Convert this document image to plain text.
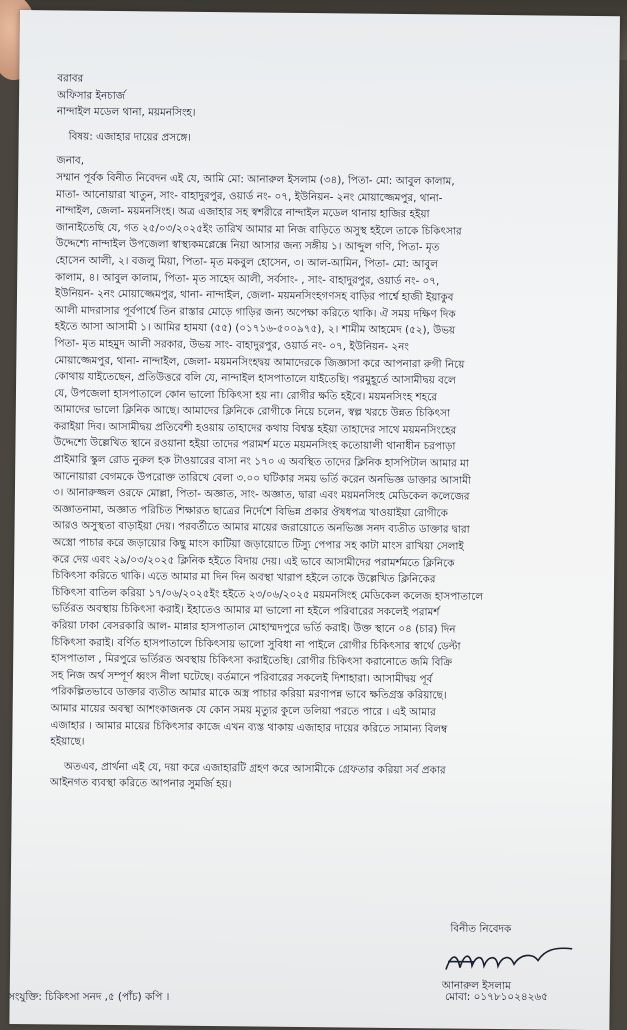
বরাবর
অফিসার ইনচার্জ
নান্দাইল মডেল থানা, ময়মনসিংহ।
বিষয়: এজাহার দায়ের প্রসঙ্গে।
জনাব,
সম্মান পূর্বক বিনীত নিবেদন এই যে, আমি মো: আনারুল ইসলাম (৩৪), পিতা- মো: আবুল কালাম,
মাতা- আনোয়ারা খাতুন, সাং- বাহাদুরপুর, ওয়ার্ড নং- ০৭, ইউনিয়ন- ২নং মোয়াজ্জেমপুর, থানা-
নান্দাইল, জেলা- ময়মনসিংহ। অত্র এজাহার সহ স্বশরীরে নান্দাইল মডেল থানায় হাজির হইয়া
জানাইতেছি যে, গত ২৫/০৩/২০২৫ইং তারিখ আমার মা নিজ বাড়িতে অসুস্থ হইলে তাকে চিকিৎসার
উদ্দেশ্যে নান্দাইল উপজেলা স্বাস্থ্যকমপ্লেক্সে নিয়া আসার জন্য সঙ্গীয় ১। আব্দুল গণি, পিতা- মৃত
হোসেন আলী, ২। বজলু মিয়া, পিতা- মৃত মকবুল হোসেন, ৩। আল-আমিন, পিতা- মো: আবুল
কালাম, ৪। আবুল কালাম, পিতা- মৃত সাহেদ আলী, সর্বসাং- , সাং- বাহাদুরপুর, ওয়ার্ড নং- ০৭,
ইউনিয়ন- ২নং মোয়াজ্জেমপুর, থানা- নান্দাইল, জেলা- ময়মনসিংহগণসহ বাড়ির পার্শ্বে হাজী ইয়াকুব
আলী মাদরাসার পূর্বপার্শ্বে তিন রাস্তার মোড়ে গাড়ির জন্য অপেক্ষা করিতে থাকি। ঐ সময় দক্ষিণ দিক
হইতে আসা আসামী ১। আমির হামযা (৫৫) (০১৭১৬-৫০০৯৭৫), ২। শামীম আহমেদ (৫২), উভয়
পিতা- মৃত মাহমুদ আলী সরকার, উভয় সাং- বাহাদুরপুর, ওয়ার্ড নং- ০৭, ইউনিয়ন- ২নং
মোয়াজ্জেমপুর, থানা- নান্দাইল, জেলা- ময়মনসিংহদ্বয় আমাদেরকে জিজ্ঞাসা করে আপনারা রুগী নিয়ে
কোথায় যাইতেছেন, প্রতিউত্তরে বলি যে, নান্দাইল হাসপাতালে যাইতেছি। পরমুহূর্তে আসামীদ্বয় বলে
যে, উপজেলা হাসপাতালে কোন ভালো চিকিৎসা হয় না। রোগীর ক্ষতি হইবে। ময়মনসিংহ শহরে
আমাদের ভালো ক্লিনিক আছে। আমাদের ক্লিনিকে রোগীকে নিয়ে চলেন, স্বল্প খরচে উন্নত চিকিৎসা
করাইয়া দিব। আসামীদ্বয় প্রতিবেশী হওয়ায় তাহাদের কথায় বিশ্বস্ত হইয়া তাহাদের সাথে ময়মনসিংহের
উদ্দেশ্যে উল্লেখিত স্থানে রওয়ানা হইয়া তাদের পরামর্শ মতে ময়মনসিংহ কতোয়ালী থানাধীন চরপাড়া
প্রাইমারি স্কুল রোড নুরুল হক টাওয়ারের বাসা নং ১৭০ এ অবস্থিত তাদের ক্লিনিক হাসপিটাল আমার মা
আনোয়ারা বেগমকে উপরোক্ত তারিখে বেলা ৩.০০ ঘটিকার সময় ভর্তি করেন অনভিজ্ঞ ডাক্তার আসামী
৩। আনারুজ্জল ওরফে মোল্লা, পিতা- অজ্ঞাত, সাং- অজ্ঞাত, দ্বারা এবং ময়মনসিংহ মেডিকেল কলেজের
অজ্ঞাতনামা, অজ্ঞাত পরিচিত শিক্ষারত ছাত্রের নির্দেশে বিভিন্ন প্রকার ঔষধপত্র খাওয়াইয়া রোগীকে
আরও অসুস্থতা বাড়াইয়া দেয়। পরবর্তীতে আমার মায়ের জরায়োতে অনভিজ্ঞ সনদ ব্যতীত ডাক্তার দ্বারা
অস্ত্রো পাচার করে জড়ায়োর কিছু মাংস কাটিয়া জড়ায়োতে টিস্যু পেপার সহ কাটা মাংস রাখিয়া সেলাই
করে দেয় এবং ২৯/০৩/২০২৫ ক্লিনিক হইতে বিদায় দেয়। এই ভাবে আসামীদের পরামর্শমতে ক্লিনিকে
চিকিৎসা করিতে থাকি। এতে আমার মা দিন দিন অবস্থা খারাপ হইলে তাকে উল্লেখিত ক্লিনিকের
চিকিৎসা বাতিল করিয়া ১৭/০৬/২০২৫ইং হইতে ২৩/০৬/২০২৫ ময়মনসিংহ মেডিকেল কলেজ হাসপাতালে
ভর্তিরত অবস্থায় চিকিৎসা করাই। ইহাতেও আমার মা ভালো না হইলে পরিবারের সকলেই পরামর্শ
করিয়া ঢাকা বেসরকারি আল- মান্নার হাসপাতাল মোহাম্মদপুরে ভর্তি করাই। উক্ত স্থানে ০৪ (চার) দিন
চিকিৎসা করাই। বর্ণিত হাসপাতালে চিকিৎসায় ভালো সুবিধা না পাইলে রোগীর চিকিৎসার স্বার্থে ডেল্টা
হাসপাতাল , মিরপুরে ভর্তিরত অবস্থায় চিকিৎসা করাইতেছি। রোগীর চিকিৎসা করানোতে জমি বিক্রি
সহ নিজ অর্থ সম্পূর্ণ ধ্বংস নীলা ঘটেছে। বর্তমানে পরিবারের সকলেই দিশাহারা। আসামীদ্বয় পূর্ব
পরিকল্পিতভাবে ডাক্তার ব্যতীত আমার মাকে অস্ত্র পাচার করিয়া মরণাপন্ন ভাবে ক্ষতিগ্রস্ত করিয়াছে।
আমার মায়ের অবস্থা আশংকাজনক যে কোন সময় মৃত্যুর কুলে ডলিয়া পরতে পারে । এই আমার
এজাহার । আমার মায়ের চিকিৎসার কাজে এখন ব্যস্ত থাকায় এজাহার দায়ের করিতে সামান্য বিলম্ব
হইয়াছে।
অতএব, প্রার্থনা এই যে, দয়া করে এজাহারটি গ্রহণ করে আসামীকে গ্রেফতার করিয়া সর্ব প্রকার
আইনগত ব্যবস্থা করিতে আপনার সুমর্জি হয়।
বিনীত নিবেদক
আনারুল ইসলাম
সংযুক্তি: চিকিৎসা সনদ ,৫ (পাঁচ) কপি ।	মোবা: ০১৭৮১০২৪২৬৫
